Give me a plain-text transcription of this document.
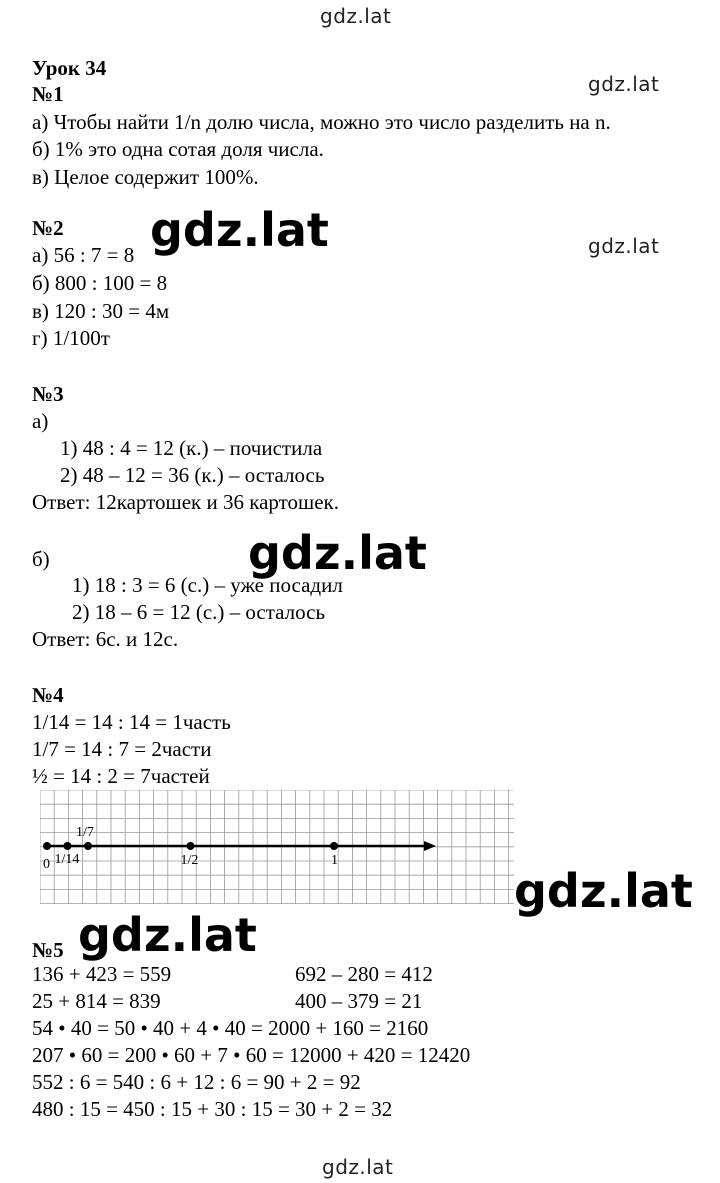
gdz.lat
gdz.lat
gdz.lat
gdz.lat
gdz.lat
gdz.lat
gdz.lat
gdz.lat
Урок 34
№1
а) Чтобы найти 1/n долю числа, можно это число разделить на n.
б) 1% это одна сотая доля числа.
в) Целое содержит 100%.
№2
а) 56 : 7 = 8
б) 800 : 100 = 8
в) 120 : 30 = 4м
г) 1/100т
№3
а)
1) 48 : 4 = 12 (к.) – почистила
2) 48 – 12 = 36 (к.) – осталось
Ответ: 12картошек и 36 картошек.
б)
1) 18 : 3 = 6 (с.) – уже посадил
2) 18 – 6 = 12 (с.) – осталось
Ответ: 6с. и 12с.
№4
1/14 = 14 : 14 = 1часть
1/7 = 14 : 7 = 2части
½ = 14 : 2 = 7частей
0 1/14
1/7
1/2	1
№5
136 + 423 = 559	692 – 280 = 412
25 + 814 = 839	400 – 379 = 21
54 • 40 = 50 • 40 + 4 • 40 = 2000 + 160 = 2160
207 • 60 = 200 • 60 + 7 • 60 = 12000 + 420 = 12420
552 : 6 = 540 : 6 + 12 : 6 = 90 + 2 = 92
480 : 15 = 450 : 15 + 30 : 15 = 30 + 2 = 32
